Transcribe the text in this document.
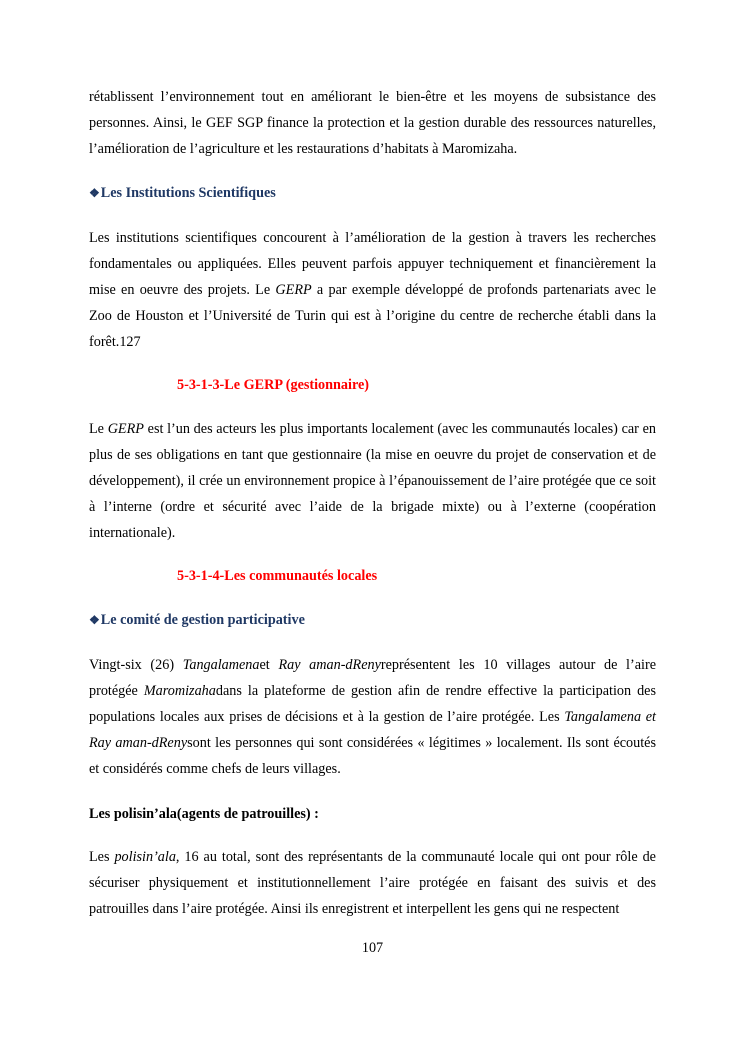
rétablissent l’environnement tout en améliorant le bien-être et les moyens de subsistance des personnes. Ainsi, le GEF SGP finance la protection et la gestion durable des ressources naturelles, l’amélioration de l’agriculture et les restaurations d’habitats à Maromizaha.

❖Les Institutions Scientifiques

Les institutions scientifiques concourent à l’amélioration de la gestion à travers les recherches fondamentales ou appliquées. Elles peuvent parfois appuyer techniquement et financièrement la mise en oeuvre des projets. Le GERP a par exemple développé de profonds partenariats avec le Zoo de Houston et l’Université de Turin qui est à l’origine du centre de recherche établi dans la forêt.127

5-3-1-3-Le GERP (gestionnaire)

Le GERP est l’un des acteurs les plus importants localement (avec les communautés locales) car en plus de ses obligations en tant que gestionnaire (la mise en oeuvre du projet de conservation et de développement), il crée un environnement propice à l’épanouissement de l’aire protégée que ce soit à l’interne (ordre et sécurité avec l’aide de la brigade mixte) ou à l’externe (coopération internationale).

5-3-1-4-Les communautés locales
❖Le comité de gestion participative

Vingt-six (26) Tangalamenaet Ray aman-dRenyreprésentent les 10 villages autour de l’aire protégée Maromizahadans la plateforme de gestion afin de rendre effective la participation des populations locales aux prises de décisions et à la gestion de l’aire protégée. Les Tangalamena et Ray aman-dRenysont les personnes qui sont considérées « légitimes » localement. Ils sont écoutés et considérés comme chefs de leurs villages.

Les polisin’ala(agents de patrouilles) :

Les polisin’ala, 16 au total, sont des représentants de la communauté locale qui ont pour rôle de sécuriser physiquement et institutionnellement l’aire protégée en faisant des suivis et des patrouilles dans l’aire protégée. Ainsi ils enregistrent et interpellent les gens qui ne respectent

107
